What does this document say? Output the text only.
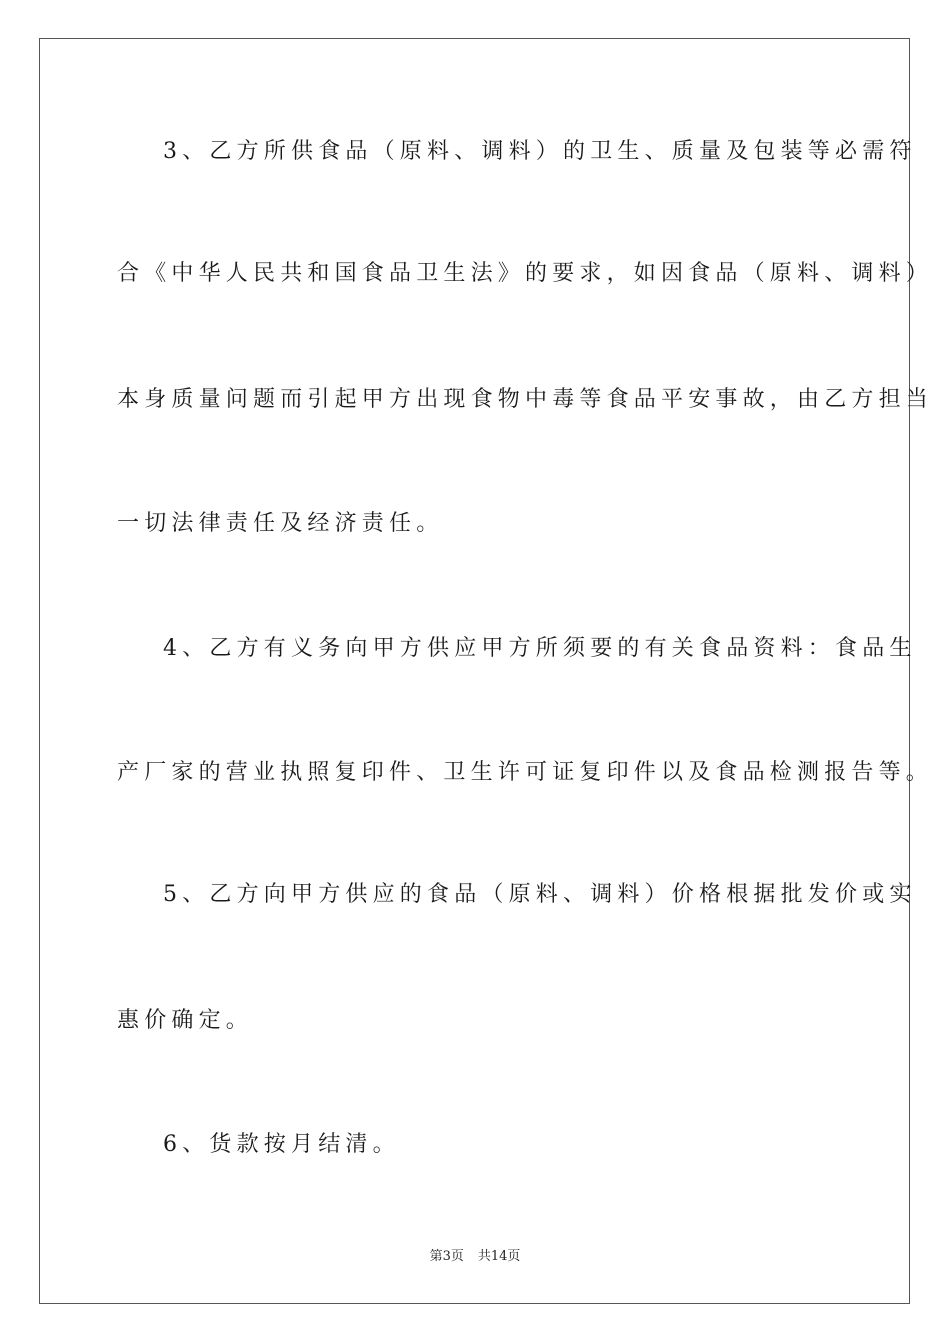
3、乙方所供食品（原料、调料）的卫生、质量及包装等必需符

合《中华人民共和国食品卫生法》的要求，如因食品（原料、调料）

本身质量问题而引起甲方出现食物中毒等食品平安事故，由乙方担当

一切法律责任及经济责任。

4、乙方有义务向甲方供应甲方所须要的有关食品资料：食品生

产厂家的营业执照复印件、卫生许可证复印件以及食品检测报告等。

5、乙方向甲方供应的食品（原料、调料）价格根据批发价或实

惠价确定。

6、货款按月结清。

第3页 共14页
